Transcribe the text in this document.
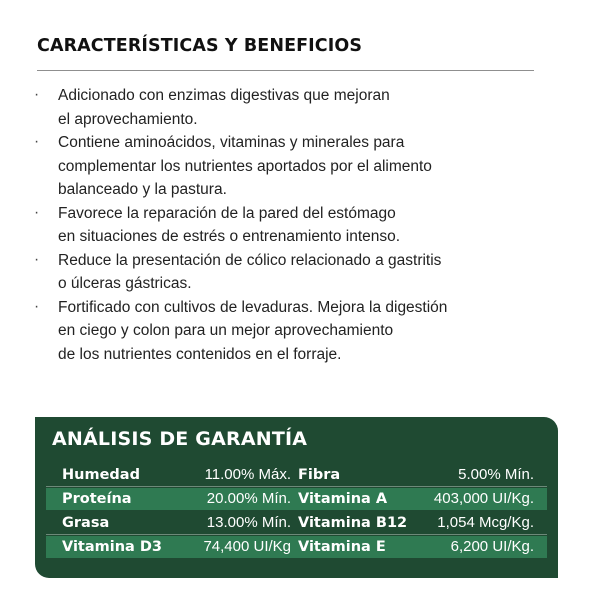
CARACTERÍSTICAS Y BENEFICIOS
· Adicionado con enzimas digestivas que mejoran
el aprovechamiento.
· Contiene aminoácidos, vitaminas y minerales para
complementar los nutrientes aportados por el alimento
balanceado y la pastura.
· Favorece la reparación de la pared del estómago
en situaciones de estrés o entrenamiento intenso.
· Reduce la presentación de cólico relacionado a gastritis
o úlceras gástricas.
· Fortificado con cultivos de levaduras. Mejora la digestión
en ciego y colon para un mejor aprovechamiento
de los nutrientes contenidos en el forraje.
ANÁLISIS DE GARANTÍA
Humedad	11.00% Máx. Fibra	5.00% Mín.
Proteína	20.00% Mín. Vitamina A	403,000 UI/Kg.
Grasa	13.00% Mín. Vitamina B12	1,054 Mcg/Kg.
Vitamina D3	74,400 UI/Kg Vitamina E	6,200 UI/Kg.
